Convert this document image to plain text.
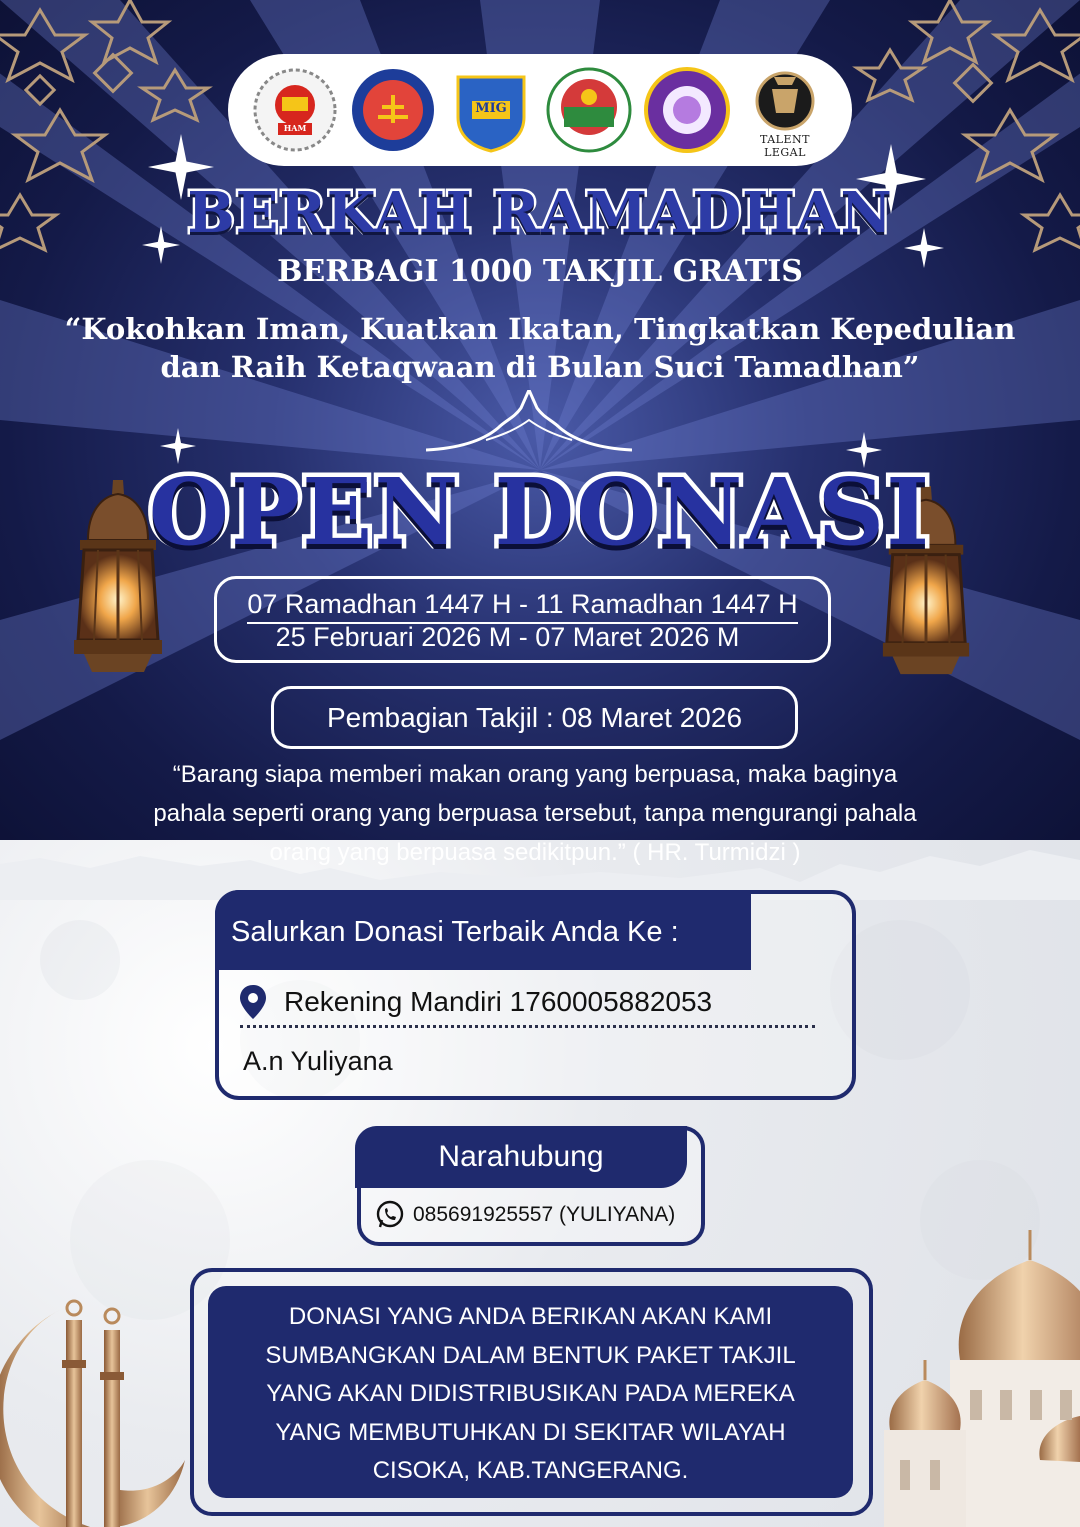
HAM
MIG
TALENT LEGAL
BERKAH RAMADHAN
BERBAGI 1000 TAKJIL GRATIS
“Kokohkan Iman, Kuatkan Ikatan, Tingkatkan Kepedulian
dan Raih Ketaqwaan di Bulan Suci Tamadhan”
OPEN DONASI
07 Ramadhan 1447 H - 11 Ramadhan 1447 H
25 Februari 2026 M - 07 Maret 2026 M
Pembagian Takjil : 08 Maret 2026
“Barang siapa memberi makan orang yang berpuasa, maka baginya
pahala seperti orang yang berpuasa tersebut, tanpa mengurangi pahala
orang yang berpuasa sedikitpun.” ( HR. Turmidzi )
Salurkan Donasi Terbaik Anda Ke :
Rekening Mandiri 1760005882053
A.n Yuliyana
Narahubung
085691925557 (YULIYANA)
DONASI YANG ANDA BERIKAN AKAN KAMI
SUMBANGKAN DALAM BENTUK PAKET TAKJIL
YANG AKAN DIDISTRIBUSIKAN PADA MEREKA
YANG MEMBUTUHKAN DI SEKITAR WILAYAH
CISOKA, KAB.TANGERANG.
